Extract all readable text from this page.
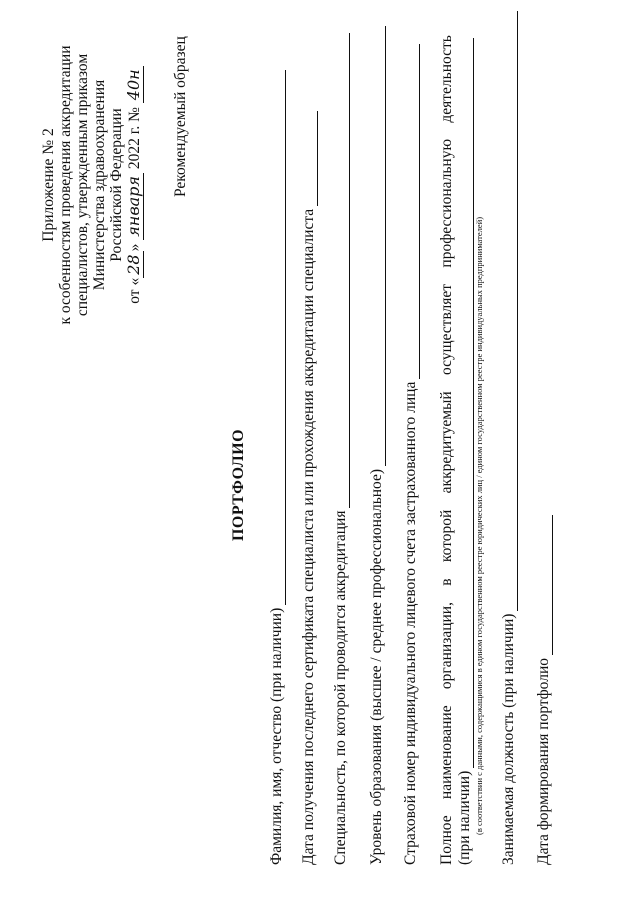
Приложение № 2 к особенностям проведения аккредитации специалистов, утвержденным приказом Министерства здравоохранения Российской Федерации
от «28» января 2022 г. № 40н Рекомендуемый образец
ПОРТФОЛИО
Фамилия, имя, отчество (при наличии) Дата получения последнего сертификата специалиста или прохождения аккредитации специалиста Специальность, по которой проводится аккредитация Уровень образования (высшее / среднее профессиональное) Страховой номер индивидуального лицевого счета застрахованного лица Полное
наименование
организации,
в
которой
аккредитуемый
осуществляет
профессиональную
деятельность
(при наличии) (в соответствии с данными, содержащимися в едином государственном реестре юридических лиц / едином государственном реестре индивидуальных предпринимателей) Занимаемая должность (при наличии) Дата формирования портфолио
